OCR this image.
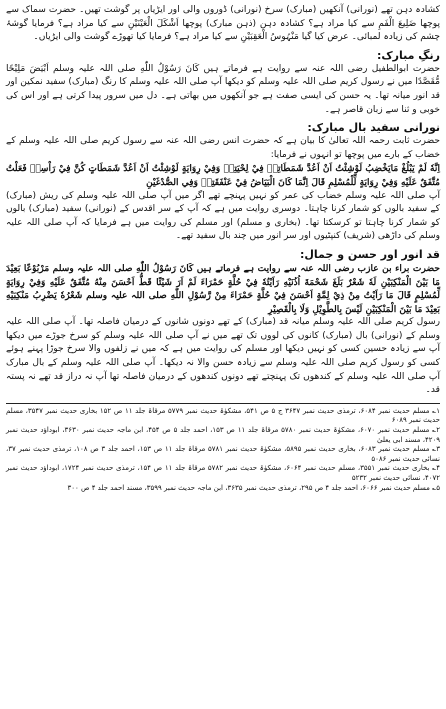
کشادہ دہن تھے (نورانی) آنکھیں (مبارک) سرخ (نورانی) ڈوروں والی اور ایڑیاں پر گوشت تھیں۔ حضرت سماک سے پوچھا ضَلِیعَ الْفَمِ سے کیا مراد ہے؟ کشادہ دہن (ذہن مبارک) پوچھا اَشْکَلَ الْعَیْنَیْنِ سے کیا مراد ہے؟ فرمایا گوشۂ چشم کی زیادہ لمبائی۔ عرض کیا گیا مَنْہُوسُ الْعَقِبَیْنِ سے کیا مراد ہے؟ فرمایا کیا تھوڑے گوشت والی ایڑیاں۔

رنگِ مبارک:

حضرت ابوالطفیل رضی اللہ عنہ سے روایت ہے فرماتے ہیں کَانَ رَسُوْلُ اللّٰهِ صلی اللہ علیہ وسلم اَبْیَضَ مَلِیْحًا مُّقَصَّدًا میں نے رسول کریم صلی اللہ علیہ وسلم کو دیکھا آپ صلی اللہ علیہ وسلم کا رنگ (مبارک) سفید نمکین اور قد انور میانہ تھا۔ یہ حسن کی ایسی صفت ہے جو آنکھوں میں بھاتی ہے۔ دل میں سرور پیدا کرتی ہے اور اس کی خوبی و ثنا سے زبان قاصر ہے۔

نورانی سفید بال مبارک:

حضرت ثابت رحمہ اللہ تعالیٰ کا بیان ہے کہ حضرت انس رضی اللہ عنہ سے رسول کریم صلی اللہ علیہ وسلم کے خضاب کے بارے میں پوچھا تو انہوں نے فرمایا:

اِنَّهٗ لَمْ يَبْلُغْ مَايَخْضِبُ لَوْشِئْتُ اَنْ اَعُدَّ شَمَطَاتِهٖ فِيْ لِحْيَتِهٖ وَفِيْ رِوَايَةٍ لَوْشِئْتُ اَنْ اَعُدَّ شَمَطَاتٍ كُنَّ فِيْ رَاْسِهٖ فَعَلْتُ مُتَّفَقٌ عَلَيْهِ وَفِيْ رِوَايَةٍ لِّلْمُسْلِمِ قَالَ اِنَّمَا كَانَ الْبَيَاضُ فِيْ عَنْفَقَتِهٖ وَفِي الصُّدْغَيْنِ

آپ صلی اللہ علیہ وسلم خضاب کی عمر کو نہیں پہنچے تھے اگر میں آپ صلی اللہ علیہ وسلم کی ریش (مبارک) کے سفید بالوں کو شمار کرنا چاہتا۔ دوسری روایت میں ہے کہ آپ کے سر اقدس کے (نورانی) سفید (مبارک) بالوں کو شمار کرنا چاہتا تو کرسکتا تھا۔ (بخاری و مسلم) اور مسلم کی روایت میں ہے فرمایا کہ آپ صلی اللہ علیہ وسلم کی داڑھی (شریف) کنپٹیوں اور سر انور میں چند بال سفید تھے۔

قد انور اور حسن و جمال:

حضرت براء بن عازب رضی اللہ عنہ سے روایت ہے فرماتے ہیں کَانَ رَسُوْلُ اللّٰهِ صلی اللہ علیہ وسلم مَرْبُوْعًا بَعِيْدَ مَا بَيْنَ الْمَنْكِبَيْنِ لَهٗ شَعْرٌ بَلَغَ شَحْمَةَ اُذُنَيْهِ رَاَيْتُهٗ فِيْ حُلَّةٍ حَمْرَاءَ لَمْ اَرَ شَيْئًا قَطُّ اَحْسَنَ مِنْهُ مُتَّفَقٌ عَلَيْهِ وَفِيْ رِوَايَةٍ لِّمُسْلِمٍ قَالَ مَا رَاَيْتُ مِنْ ذِيْ لِمَّةٍ اَحْسَنَ فِيْ حُلَّةٍ حَمْرَاءَ مِنْ رَّسُوْلِ اللّٰهِ صلی اللہ علیہ وسلم شَعْرُهٗ يَضْرِبُ مَنْكِبَيْهِ بَعِيْدَ مَا بَيْنَ الْمَنْكِبَيْنِ لَيْسَ بِالطَّوِيْلِ وَلَا بِالْقَصِيْرِ

رسول کریم صلی اللہ علیہ وسلم میانہ قد (مبارک) کے تھے دونوں شانوں کے درمیان فاصلہ تھا۔ آپ صلی اللہ علیہ وسلم کے (نورانی) بال (مبارک) کانوں کی لووں تک تھے میں نے آپ صلی اللہ علیہ وسلم کو سرخ جوڑے میں دیکھا آپ سے زیادہ حسین کسی کو نہیں دیکھا اور مسلم کی روایت میں ہے کہ میں نے زلفوں والا سرخ جوڑا پہنے ہوئے کسی کو رسول کریم صلی اللہ علیہ وسلم سے زیادہ حسن والا نہ دیکھا۔ آپ صلی اللہ علیہ وسلم کے بال مبارک آپ صلی اللہ علیہ وسلم کے کندھوں تک پہنچتے تھے دونوں کندھوں کے درمیان فاصلہ تھا آپ نہ دراز قد تھے نہ پستہ قد۔

۱؎ مسلم حدیث نمبر ۶۰۸۴، ترمذی حدیث نمبر ۳۶۴۷ ج ۵ ص ۵۴۱، مشکوٰۃ حدیث نمبر ۵۷۷۹ مرقاۃ جلد ۱۱ ص ۱۵۲ بخاری حدیث نمبر ۳۵۴۷، مسلم حدیث نمبر ۶۰۸۹

۲؎ مسلم حدیث نمبر ۶۰۷۰، مشکوٰۃ حدیث نمبر ۵۷۸۰ مرقاۃ جلد ۱۱ ص ۱۵۳، احمد جلد ۵ ص ۴۵۴، ابن ماجہ حدیث نمبر ۳۶۳۰، ابوداؤد حدیث نمبر ۴۲۰۹، مسند ابی یعلیٰ

۳؎ مسلم حدیث نمبر ۶۰۸۳، بخاری حدیث نمبر ۵۸۹۵، مشکوٰۃ حدیث نمبر ۵۷۸۱ مرقاۃ جلد ۱۱ ص ۱۵۳، احمد جلد ۳ ص ۱۰۸، ترمذی حدیث نمبر ۳۷، نسائی حدیث نمبر ۵۰۸۶

۴؎ بخاری حدیث نمبر ۳۵۵۱، مسلم حدیث نمبر ۶۰۶۴، مشکوٰۃ حدیث نمبر ۵۷۸۲ مرقاۃ جلد ۱۱ ص ۱۵۴، ترمذی حدیث نمبر ۱۷۲۴، ابوداؤد حدیث نمبر ۴۰۷۲، نسائی حدیث نمبر ۵۲۳۲

۵؎ مسلم حدیث نمبر ۶۰۶۶، احمد جلد ۴ ص ۲۹۵، ترمذی حدیث نمبر ۳۶۳۵، ابن ماجہ حدیث نمبر ۳۵۹۹، مسند احمد جلد ۴ ص ۳۰۰
